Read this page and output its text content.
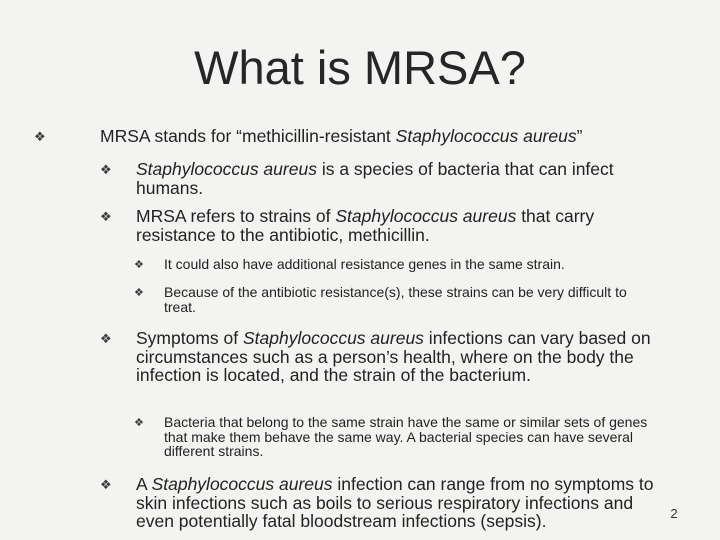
What is MRSA?
❖	MRSA stands for “methicillin-resistant Staphylococcus aureus”
❖	Staphylococcus aureus is a species of bacteria that can infect humans.
❖	MRSA refers to strains of Staphylococcus aureus that carry resistance to the antibiotic, methicillin.
❖	It could also have additional resistance genes in the same strain.
❖	Because of the antibiotic resistance(s), these strains can be very difficult to treat.
❖	Symptoms of Staphylococcus aureus infections can vary based on circumstances such as a person’s health, where on the body the infection is located, and the strain of the bacterium.
❖	Bacteria that belong to the same strain have the same or similar sets of genes that make them behave the same way. A bacterial species can have several different strains.
❖	A Staphylococcus aureus infection can range from no symptoms to skin infections such as boils to serious respiratory infections and even potentially fatal bloodstream infections (sepsis).	2
